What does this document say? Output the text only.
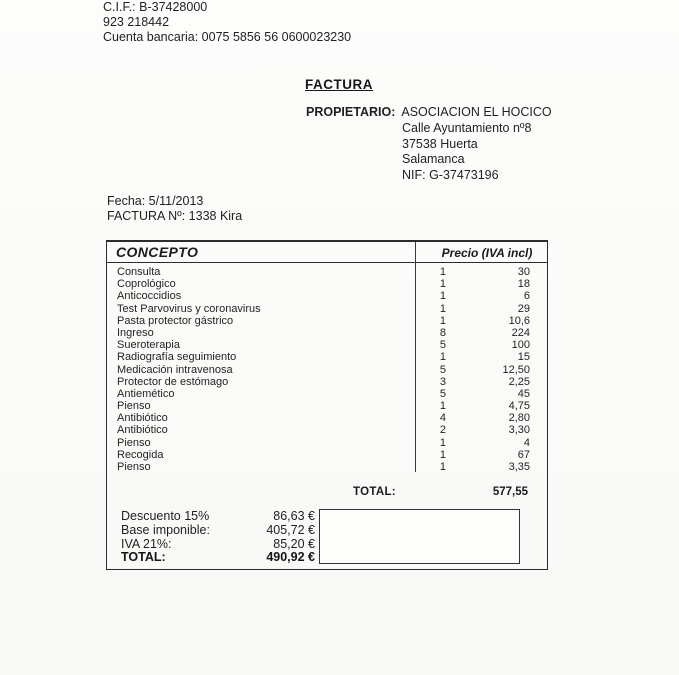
C.I.F.: B-37428000
923 218442
Cuenta bancaria: 0075 5856 56 0600023230
FACTURA
PROPIETARIO: ASOCIACION EL HOCICO
Calle Ayuntamiento nº8
37538 Huerta
Salamanca
NIF: G-37473196
Fecha: 5/11/2013
FACTURA Nº: 1338 Kira
CONCEPTO	Precio (IVA incl)
Consulta	1	30
Coprológico	1	18
Anticoccidios	1	6
Test Parvovirus y coronavirus	1	29
Pasta protector gástrico	1	10,6
Ingreso	8	224
Sueroterapia	5	100
Radiografía seguimiento	1	15
Medicación intravenosa	5	12,50
Protector de estómago	3	2,25
Antiemético	5	45
Pienso	1	4,75
Antibiótico	4	2,80
Antibiótico	2	3,30
Pienso	1	4
Recogida	1	67
Pienso	1	3,35
TOTAL:	577,55
Descuento 15%	86,63 €
Base imponible:	405,72 €
IVA 21%:	85,20 €
TOTAL:	490,92 €
